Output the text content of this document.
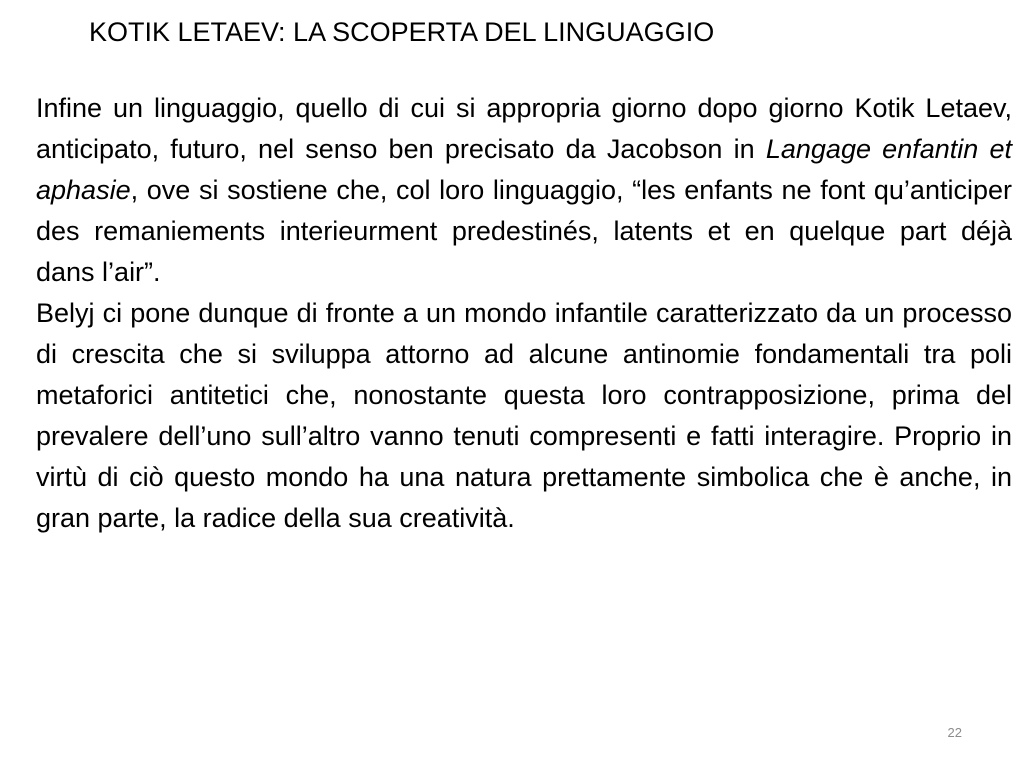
KOTIK LETAEV: LA SCOPERTA DEL LINGUAGGIO

Infine un linguaggio, quello di cui si appropria giorno dopo giorno Kotik Letaev, anticipato, futuro, nel senso ben precisato da Jacobson in Langage enfantin et aphasie, ove si sostiene che, col loro linguaggio, “les enfants ne font qu’anticiper des remaniements interieurment predestinés, latents et en quelque part déjà dans l’air”.

Belyj ci pone dunque di fronte a un mondo infantile caratterizzato da un processo di crescita che si sviluppa attorno ad alcune antinomie fondamentali tra poli metaforici antitetici che, nonostante questa loro contrapposizione, prima del prevalere dell’uno sull’altro vanno tenuti compresenti e fatti interagire. Proprio in virtù di ciò questo mondo ha una natura prettamente simbolica che è anche, in gran parte, la radice della sua creatività.

22
